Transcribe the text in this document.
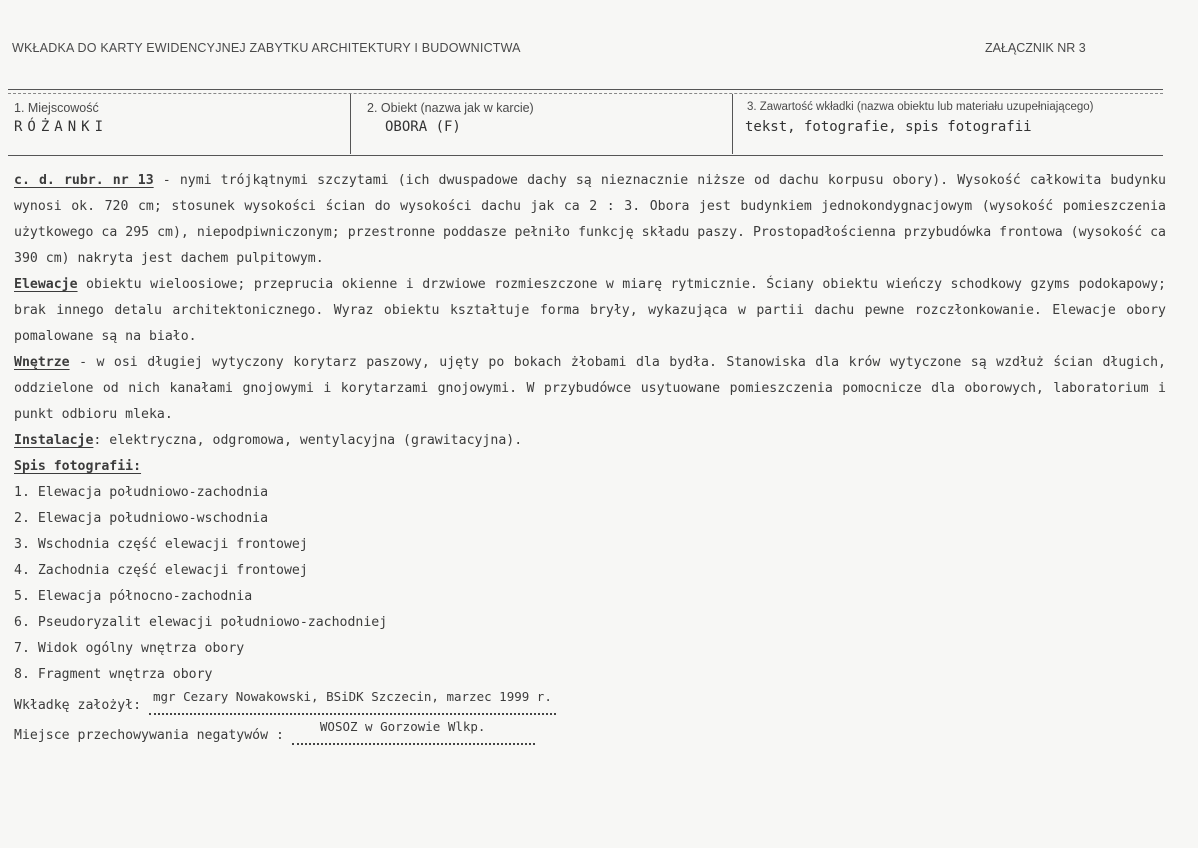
WKŁADKA DO KARTY EWIDENCYJNEJ ZABYTKU ARCHITEKTURY I BUDOWNICTWA	ZAŁĄCZNIK NR 3
1. Miejscowość
RÓŻANKI
2. Obiekt (nazwa jak w karcie)
OBORA (F)
3. Zawartość wkładki (nazwa obiektu lub materiału uzupełniającego)
tekst, fotografie, spis fotografii

c. d. rubr. nr 13 - nymi trójkątnymi szczytami (ich dwuspadowe dachy są nieznacznie niższe od dachu korpusu obory). Wysokość całkowita budynku wynosi ok. 720 cm; stosunek wysokości ścian do wysokości dachu jak ca 2 : 3. Obora jest budynkiem jednokondygnacjowym (wysokość pomieszczenia użytkowego ca 295 cm), niepodpiwniczonym; przestronne poddasze pełniło funkcję składu paszy. Prostopadłościenna przybudówka frontowa (wysokość ca 390 cm) nakryta jest dachem pulpitowym.

Elewacje obiektu wieloosiowe; przeprucia okienne i drzwiowe rozmieszczone w miarę rytmicznie. Ściany obiektu wieńczy schodkowy gzyms podokapowy; brak innego detalu architektonicznego. Wyraz obiektu kształtuje forma bryły, wykazująca w partii dachu pewne rozczłonkowanie. Elewacje obory pomalowane są na biało.

Wnętrze - w osi długiej wytyczony korytarz paszowy, ujęty po bokach żłobami dla bydła. Stanowiska dla krów wytyczone są wzdłuż ścian długich, oddzielone od nich kanałami gnojowymi i korytarzami gnojowymi. W przybudówce usytuowane pomieszczenia pomocnicze dla oborowych, laboratorium i punkt odbioru mleka.

Instalacje: elektryczna, odgromowa, wentylacyjna (grawitacyjna).

Spis fotografii:

1. Elewacja południowo-zachodnia
2. Elewacja południowo-wschodnia
3. Wschodnia część elewacji frontowej
4. Zachodnia część elewacji frontowej
5. Elewacja północno-zachodnia
6. Pseudoryzalit elewacji południowo-zachodniej
7. Widok ogólny wnętrza obory
8. Fragment wnętrza obory
Wkładkę założył: mgr Cezary Nowakowski, BSiDK Szczecin, marzec 1999 r.
Miejsce przechowywania negatywów : WOSOZ w Gorzowie Wlkp.
